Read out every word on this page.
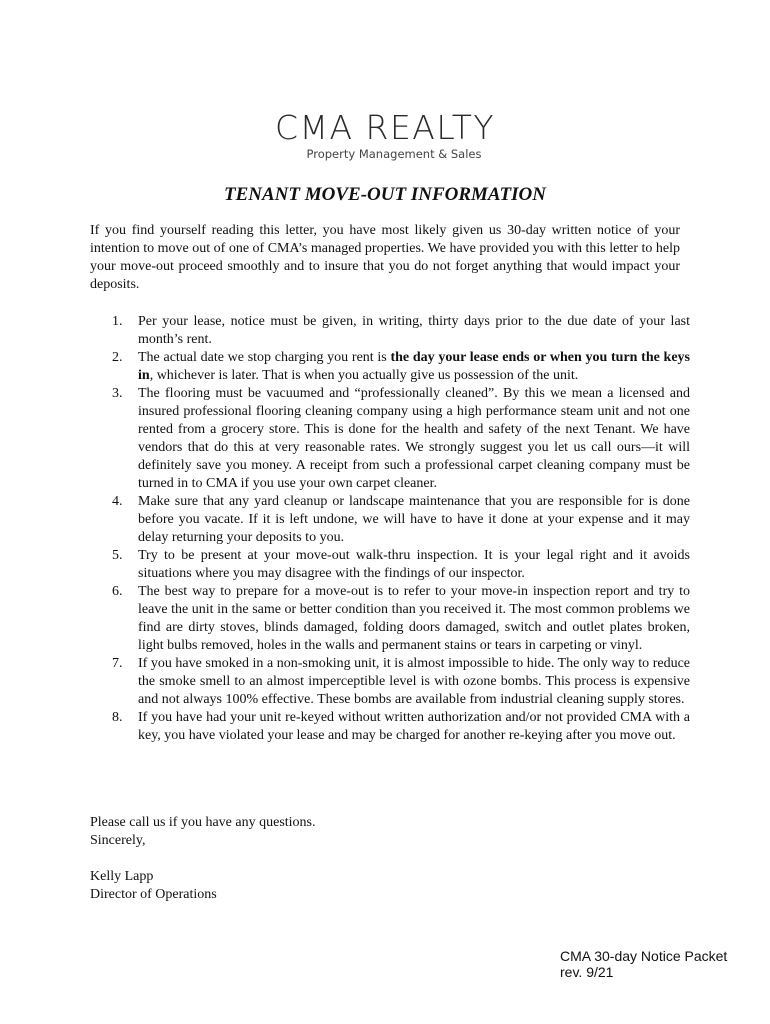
CMA REALTY
Property Management & Sales
TENANT MOVE-OUT INFORMATION

If you find yourself reading this letter, you have most likely given us 30-day written notice of your intention to move out of one of CMA’s managed properties. We have provided you with this letter to help your move-out proceed smoothly and to insure that you do not forget anything that would impact your deposits.

1. Per your lease, notice must be given, in writing, thirty days prior to the due date of your last month’s rent.
2. The actual date we stop charging you rent is the day your lease ends or when you turn the keys in, whichever is later. That is when you actually give us possession of the unit.
3. The flooring must be vacuumed and “professionally cleaned”. By this we mean a licensed and insured professional flooring cleaning company using a high performance steam unit and not one rented from a grocery store. This is done for the health and safety of the next Tenant. We have vendors that do this at very reasonable rates. We strongly suggest you let us call ours—it will definitely save you money. A receipt from such a professional carpet cleaning company must be turned in to CMA if you use your own carpet cleaner.
4. Make sure that any yard cleanup or landscape maintenance that you are responsible for is done before you vacate. If it is left undone, we will have to have it done at your expense and it may delay returning your deposits to you.
5. Try to be present at your move-out walk-thru inspection. It is your legal right and it avoids situations where you may disagree with the findings of our inspector.
6. The best way to prepare for a move-out is to refer to your move-in inspection report and try to leave the unit in the same or better condition than you received it. The most common problems we find are dirty stoves, blinds damaged, folding doors damaged, switch and outlet plates broken, light bulbs removed, holes in the walls and permanent stains or tears in carpeting or vinyl.
7. If you have smoked in a non-smoking unit, it is almost impossible to hide. The only way to reduce the smoke smell to an almost imperceptible level is with ozone bombs. This process is expensive and not always 100% effective. These bombs are available from industrial cleaning supply stores.
8. If you have had your unit re-keyed without written authorization and/or not provided CMA with a key, you have violated your lease and may be charged for another re-keying after you move out.
Please call us if you have any questions.
Sincerely,
Kelly Lapp
Director of Operations
CMA 30-day Notice Packet
rev. 9/21
